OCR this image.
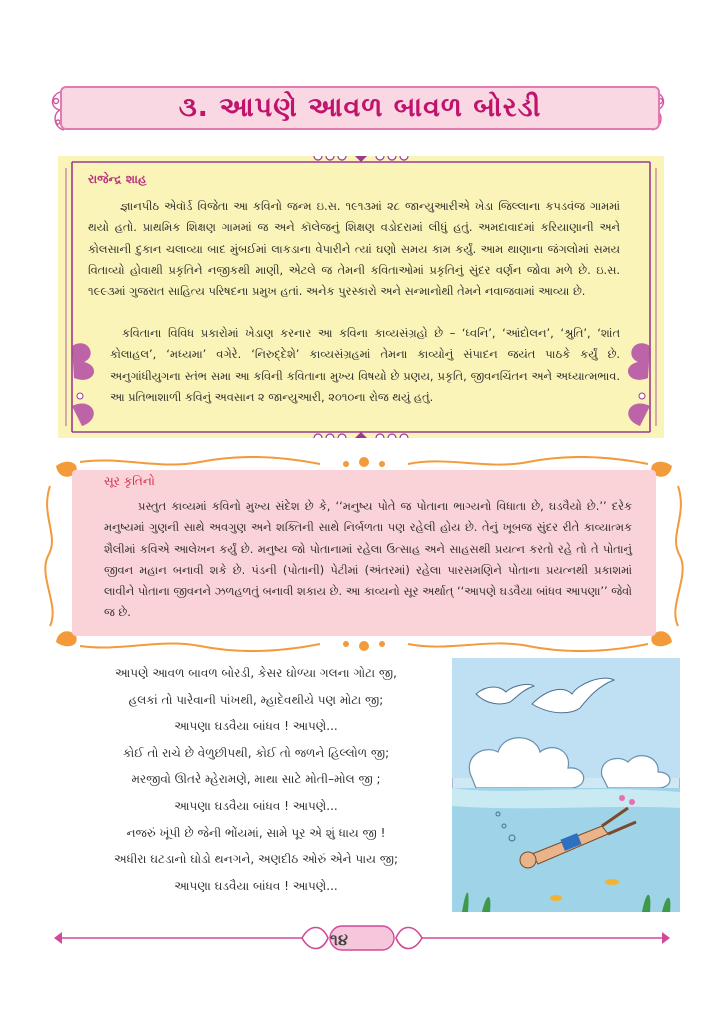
૩. આપણે આવળ બાવળ બોરડી
રાજેન્દ્ર શાહ

જ્ઞાનપીઠ એવૉર્ડ વિજેતા આ કવિનો જન્મ ઇ.સ. ૧૯૧૩માં ૨૮ જાન્યુઆરીએ ખેડા જિલ્લાના કપડવંજ ગામમાં થયો હતો. પ્રાથમિક શિક્ષણ ગામમાં જ અને કૉલેજનું શિક્ષણ વડોદરામાં લીધું હતું. અમદાવાદમાં કરિયાણાની અને કોલસાની દુકાન ચલાવ્યા બાદ મુંબઈમાં લાકડાના વેપારીને ત્યાં ઘણો સમય કામ કર્યું. આમ થાણાના જંગલોમાં સમય વિતાવ્યો હોવાથી પ્રકૃતિને નજીકથી માણી, એટલે જ તેમની કવિતાઓમાં પ્રકૃતિનું સુંદર વર્ણન જોવા મળે છે. ઇ.સ. ૧૯૯૩માં ગુજરાત સાહિત્ય પરિષદના પ્રમુખ હતાં. અનેક પુરસ્કારો અને સન્માનોથી તેમને નવાજવામાં આવ્યા છે.

કવિતાના વિવિધ પ્રકારોમાં ખેડાણ કરનાર આ કવિના કાવ્યસંગ્રહો છે – ‘ધ્વનિ’, ‘આંદોલન’, ‘શ્રુતિ’, ‘શાંત કોલાહલ’, ‘મધ્યમા’ વગેરે. ‘નિરુદ્દેશે’ કાવ્યસંગ્રહમાં તેમના કાવ્યોનું સંપાદન જયંત પાઠકે કર્યું છે. અનુગાંધીયુગના સ્તંભ સમા આ કવિની કવિતાના મુખ્ય વિષયો છે પ્રણય, પ્રકૃતિ, જીવનચિંતન અને અધ્યાત્મભાવ. આ પ્રતિભાશાળી કવિનું અવસાન ૨ જાન્યુઆરી, ૨૦૧૦ના રોજ થયું હતું.

સૂર કૃતિનો

પ્રસ્તુત કાવ્યમાં કવિનો મુખ્ય સંદેશ છે કે, ‘‘મનુષ્ય પોતે જ પોતાના ભાગ્યનો વિધાતા છે, ઘડવૈયો છે.’’ દરેક મનુષ્યમાં ગુણની સાથે અવગુણ અને શક્તિની સાથે નિર્બળતા પણ રહેલી હોય છે. તેનું ખૂબજ સુંદર રીતે કાવ્યાત્મક શૈલીમાં કવિએ આલેખન કર્યું છે. મનુષ્ય જો પોતાનામાં રહેલા ઉત્સાહ અને સાહસથી પ્રયત્ન કરતો રહે તો તે પોતાનું જીવન મહાન બનાવી શકે છે. પંડની (પોતાની) પેટીમાં (અંતરમાં) રહેલા પારસમણિને પોતાના પ્રયત્નથી પ્રકાશમાં લાવીને પોતાના જીવનને ઝળહળતું બનાવી શકાય છે. આ કાવ્યનો સૂર અર્થાત્ ‘‘આપણે ઘડવૈયા બાંધવ આપણા’’ જેવો જ છે.

આપણે આવળ બાવળ બોરડી, કેસર ઘોળ્યા ગલના ગોટા જી,
હલકાં તો પારેવાની પાંખથી, મ્હાદેવથીયે પણ મોટા જી;
આપણા ઘડવૈયા બાંધવ ! આપણે...
કોઈ તો રાચે છે વેળુછીપથી, કોઈ તો જળને હિલ્લોળ જી;
મરજીવો ઊતરે મ્હેરામણે, માથા સાટે મોતી–મોલ જી ;
આપણા ઘડવૈયા બાંધવ ! આપણે...
નજરું ખૂંપી છે જેની ભોંયમાં, સામે પૂર એ શું ધાય જી !
અધીરા ઘટડાનો ઘોડો થનગને, અણદીઠ ઓરું એને પાય જી;
આપણા ઘડવૈયા બાંધવ ! આપણે...
૧૪
